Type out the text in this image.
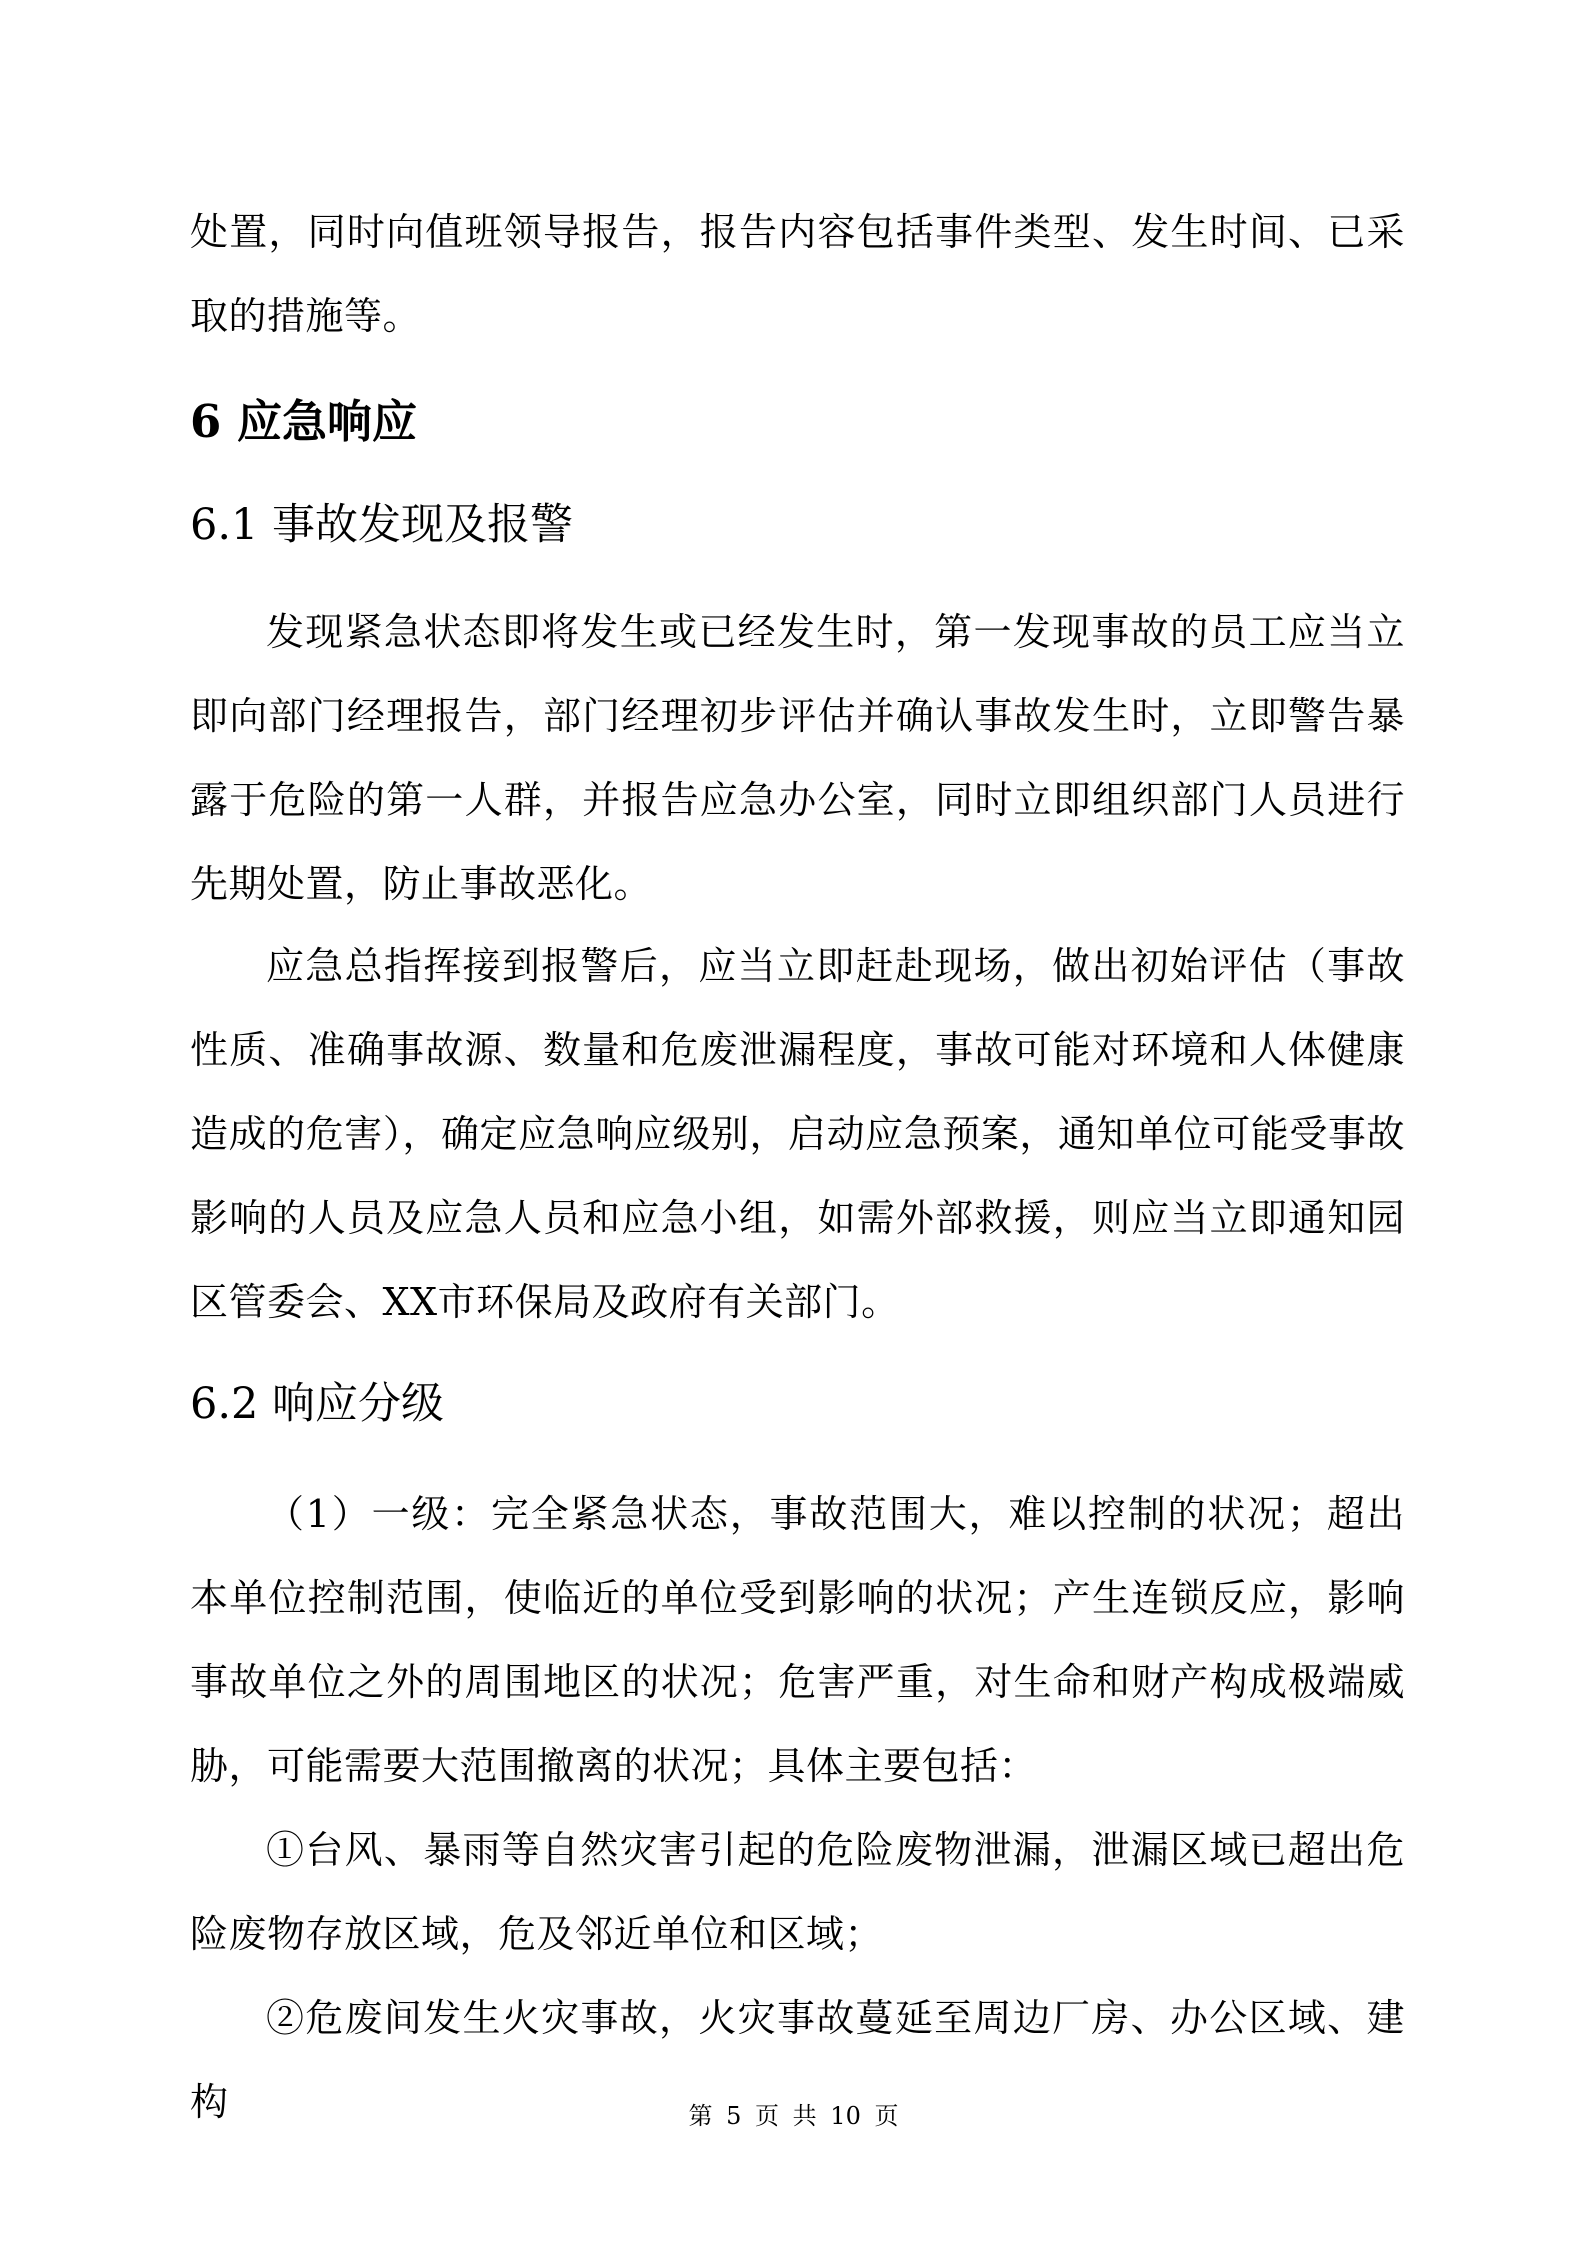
处置，同时向值班领导报告，报告内容包括事件类型、发生时间、已采取的措施等。

6 应急响应
6.1 事故发现及报警

发现紧急状态即将发生或已经发生时，第一发现事故的员工应当立即向部门经理报告，部门经理初步评估并确认事故发生时，立即警告暴露于危险的第一人群，并报告应急办公室，同时立即组织部门人员进行先期处置，防止事故恶化。

应急总指挥接到报警后，应当立即赶赴现场，做出初始评估（事故性质、准确事故源、数量和危废泄漏程度，事故可能对环境和人体健康造成的危害），确定应急响应级别，启动应急预案，通知单位可能受事故影响的人员及应急人员和应急小组，如需外部救援，则应当立即通知园区管委会、XX市环保局及政府有关部门。

6.2 响应分级

（1）一级：完全紧急状态，事故范围大，难以控制的状况；超出本单位控制范围，使临近的单位受到影响的状况；产生连锁反应，影响事故单位之外的周围地区的状况；危害严重，对生命和财产构成极端威胁，可能需要大范围撤离的状况；具体主要包括：

①台风、暴雨等自然灾害引起的危险废物泄漏，泄漏区域已超出危险废物存放区域，危及邻近单位和区域；

②危废间发生火灾事故，火灾事故蔓延至周边厂房、办公区域、建构	第 5 页 共 10 页
